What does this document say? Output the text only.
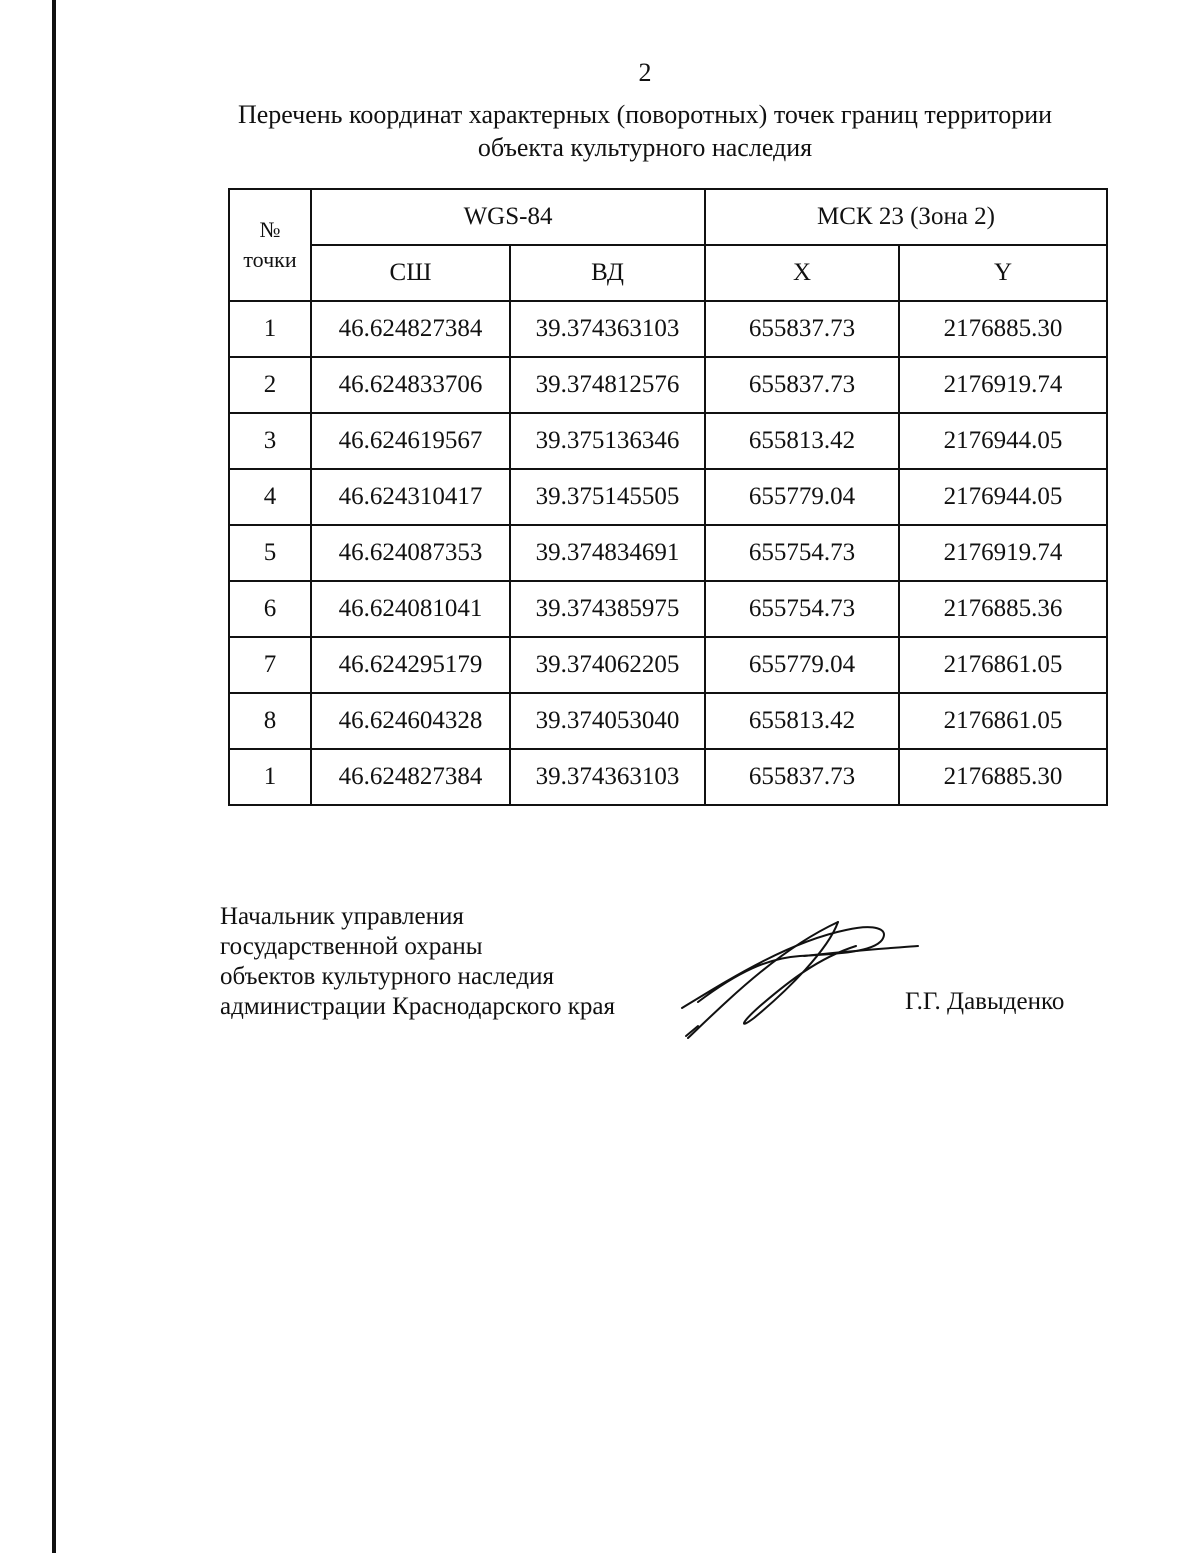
2
Перечень координат характерных (поворотных) точек границ территории
объекта культурного наследия
№
точки	WGS-84		МСК 23 (Зона 2)	
	СШ	ВД	X	Y
1	46.624827384	39.374363103	655837.73	2176885.30
2	46.624833706	39.374812576	655837.73	2176919.74
3	46.624619567	39.375136346	655813.42	2176944.05
4	46.624310417	39.375145505	655779.04	2176944.05
5	46.624087353	39.374834691	655754.73	2176919.74
6	46.624081041	39.374385975	655754.73	2176885.36
7	46.624295179	39.374062205	655779.04	2176861.05
8	46.624604328	39.374053040	655813.42	2176861.05
1	46.624827384	39.374363103	655837.73	2176885.30
Начальник управления
государственной охраны
объектов культурного наследия
администрации Краснодарского края	Г.Г. Давыденко
